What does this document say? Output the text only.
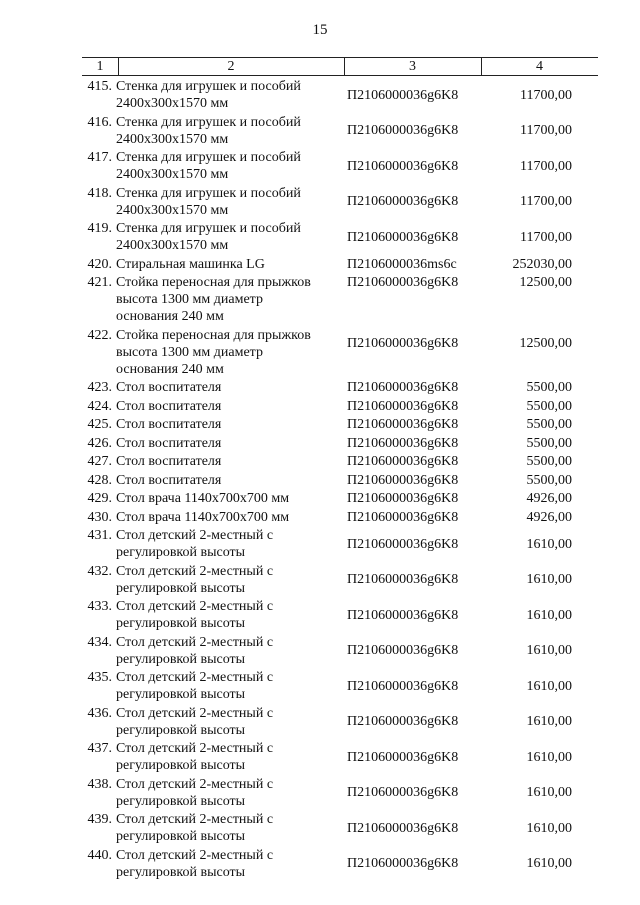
15
1	2	3	4
415. Стенка для игрушек и пособий
2400x300x1570 мм
П2106000036g6K8	11700,00
416. Стенка для игрушек и пособий
2400x300x1570 мм
П2106000036g6K8	11700,00
417. Стенка для игрушек и пособий
2400x300x1570 мм
П2106000036g6K8	11700,00
418. Стенка для игрушек и пособий
2400x300x1570 мм
П2106000036g6K8	11700,00
419. Стенка для игрушек и пособий
2400x300x1570 мм
П2106000036g6K8	11700,00
420. Стиральная машинка LG	П2106000036ms6c	252030,00
421. Стойка переносная для прыжков
высота 1300 мм диаметр
основания 240 мм
П2106000036g6K8	12500,00
422. Стойка переносная для прыжков
высота 1300 мм диаметр
основания 240 мм
П2106000036g6K8	12500,00
423. Стол воспитателя	П2106000036g6K8	5500,00
424. Стол воспитателя	П2106000036g6K8	5500,00
425. Стол воспитателя	П2106000036g6K8	5500,00
426. Стол воспитателя	П2106000036g6K8	5500,00
427. Стол воспитателя	П2106000036g6K8	5500,00
428. Стол воспитателя	П2106000036g6K8	5500,00
429. Стол врача 1140x700x700 мм	П2106000036g6K8	4926,00
430. Стол врача 1140x700x700 мм	П2106000036g6K8	4926,00
431. Стол детский 2-местный с
регулировкой высоты
П2106000036g6K8	1610,00
432. Стол детский 2-местный с
регулировкой высоты
П2106000036g6K8	1610,00
433. Стол детский 2-местный с
регулировкой высоты
П2106000036g6K8	1610,00
434. Стол детский 2-местный с
регулировкой высоты
П2106000036g6K8	1610,00
435. Стол детский 2-местный с
регулировкой высоты
П2106000036g6K8	1610,00
436. Стол детский 2-местный с
регулировкой высоты
П2106000036g6K8	1610,00
437. Стол детский 2-местный с
регулировкой высоты
П2106000036g6K8	1610,00
438. Стол детский 2-местный с
регулировкой высоты
П2106000036g6K8	1610,00
439. Стол детский 2-местный с
регулировкой высоты
П2106000036g6K8	1610,00
440. Стол детский 2-местный с
регулировкой высоты
П2106000036g6K8	1610,00
